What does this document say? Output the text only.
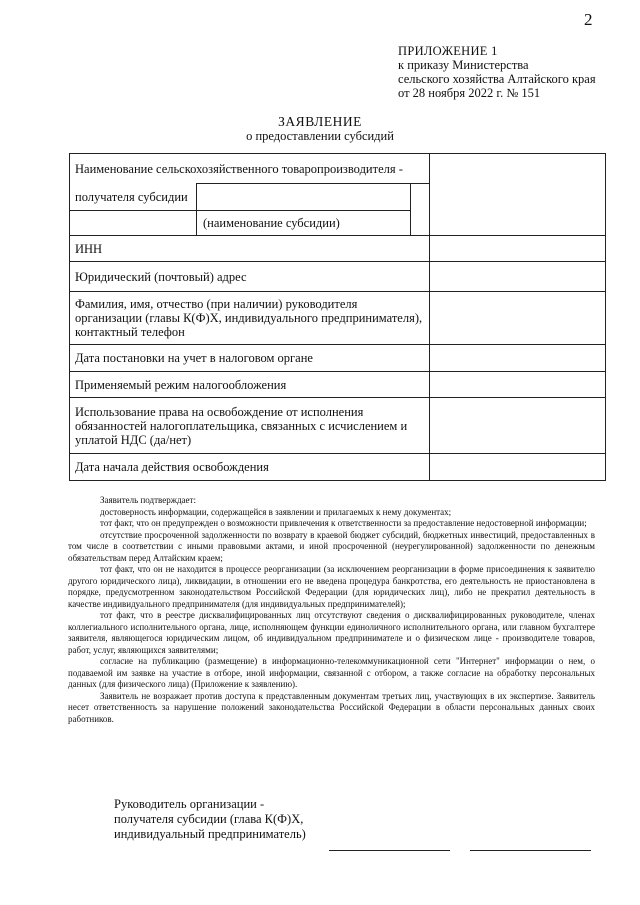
2
ПРИЛОЖЕНИЕ 1
к приказу Министерства
сельского хозяйства Алтайского края
от 28 ноября 2022 г. № 151
ЗАЯВЛЕНИЕ
о предоставлении субсидий
Наименование сельскохозяйственного товаропроизводителя -			
получателя субсидии			
	(наименование субсидии)		
ИНН			
Юридический (почтовый) адрес			
Фамилия, имя, отчество (при наличии) руководителя организации (главы К(Ф)Х, индивидуального предпринимателя), контактный телефон			
Дата постановки на учет в налоговом органе			
Применяемый режим налогообложения			
Использование права на освобождение от исполнения обязанностей налогоплательщика, связанных с исчислением и уплатой НДС (да/нет)			
Дата начала действия освобождения			

Заявитель подтверждает:

достоверность информации, содержащейся в заявлении и прилагаемых к нему документах;

тот факт, что он предупрежден о возможности привлечения к ответственности за предоставление недостоверной информации;

отсутствие просроченной задолженности по возврату в краевой бюджет субсидий, бюджетных инвестиций, предоставленных в том числе в соответствии с иными правовыми актами, и иной просроченной (неурегулированной) задолженности по денежным обязательствам перед Алтайским краем;

тот факт, что он не находится в процессе реорганизации (за исключением реорганизации в форме присоединения к заявителю другого юридического лица), ликвидации, в отношении его не введена процедура банкротства, его деятельность не приостановлена в порядке, предусмотренном законодательством Российской Федерации (для юридических лиц), либо не прекратил деятельность в качестве индивидуального предпринимателя (для индивидуальных предпринимателей);

тот факт, что в реестре дисквалифицированных лиц отсутствуют сведения о дисквалифицированных руководителе, членах коллегиального исполнительного органа, лице, исполняющем функции единоличного исполнительного органа, или главном бухгалтере заявителя, являющегося юридическим лицом, об индивидуальном предпринимателе и о физическом лице - производителе товаров, работ, услуг, являющихся заявителями;

согласие на публикацию (размещение) в информационно-телекоммуникационной сети "Интернет" информации о нем, о подаваемой им заявке на участие в отборе, иной информации, связанной с отбором, а также согласие на обработку персональных данных (для физического лица) (Приложение к заявлению).

Заявитель не возражает против доступа к представленным документам третьих лиц, участвующих в их экспертизе. Заявитель несет ответственность за нарушение положений законодательства Российской Федерации в области персональных данных своих работников.

Руководитель организации -
получателя субсидии (глава К(Ф)Х,
индивидуальный предприниматель)
